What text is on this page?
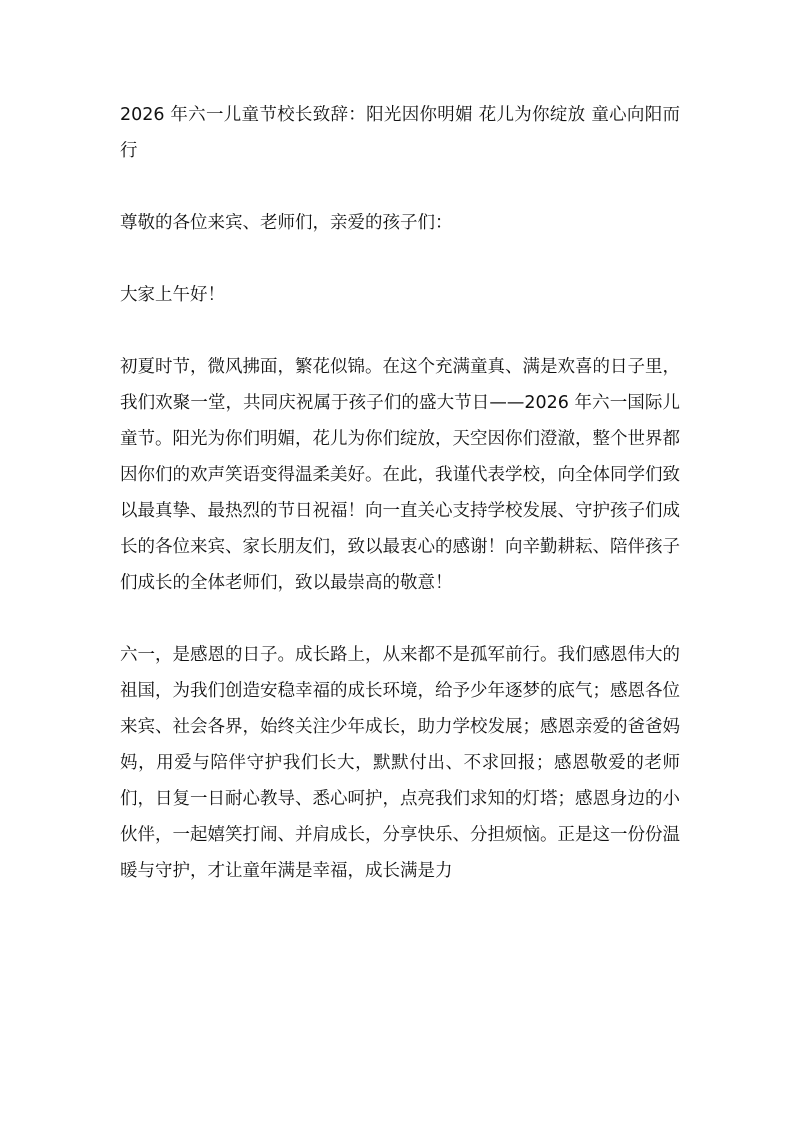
2026 年六一儿童节校长致辞：阳光因你明媚 花儿为你绽放 童心向阳而行

尊敬的各位来宾、老师们，亲爱的孩子们：

大家上午好！

初夏时节，微风拂面，繁花似锦。在这个充满童真、满是欢喜的日子里，我们欢聚一堂，共同庆祝属于孩子们的盛大节日——2026 年六一国际儿童节。阳光为你们明媚，花儿为你们绽放，天空因你们澄澈，整个世界都因你们的欢声笑语变得温柔美好。在此，我谨代表学校，向全体同学们致以最真挚、最热烈的节日祝福！向一直关心支持学校发展、守护孩子们成长的各位来宾、家长朋友们，致以最衷心的感谢！向辛勤耕耘、陪伴孩子们成长的全体老师们，致以最崇高的敬意！

六一，是感恩的日子。成长路上，从来都不是孤军前行。我们感恩伟大的祖国，为我们创造安稳幸福的成长环境，给予少年逐梦的底气；感恩各位来宾、社会各界，始终关注少年成长，助力学校发展；感恩亲爱的爸爸妈妈，用爱与陪伴守护我们长大，默默付出、不求回报；感恩敬爱的老师们，日复一日耐心教导、悉心呵护，点亮我们求知的灯塔；感恩身边的小伙伴，一起嬉笑打闹、并肩成长，分享快乐、分担烦恼。正是这一份份温暖与守护，才让童年满是幸福，成长满是力
